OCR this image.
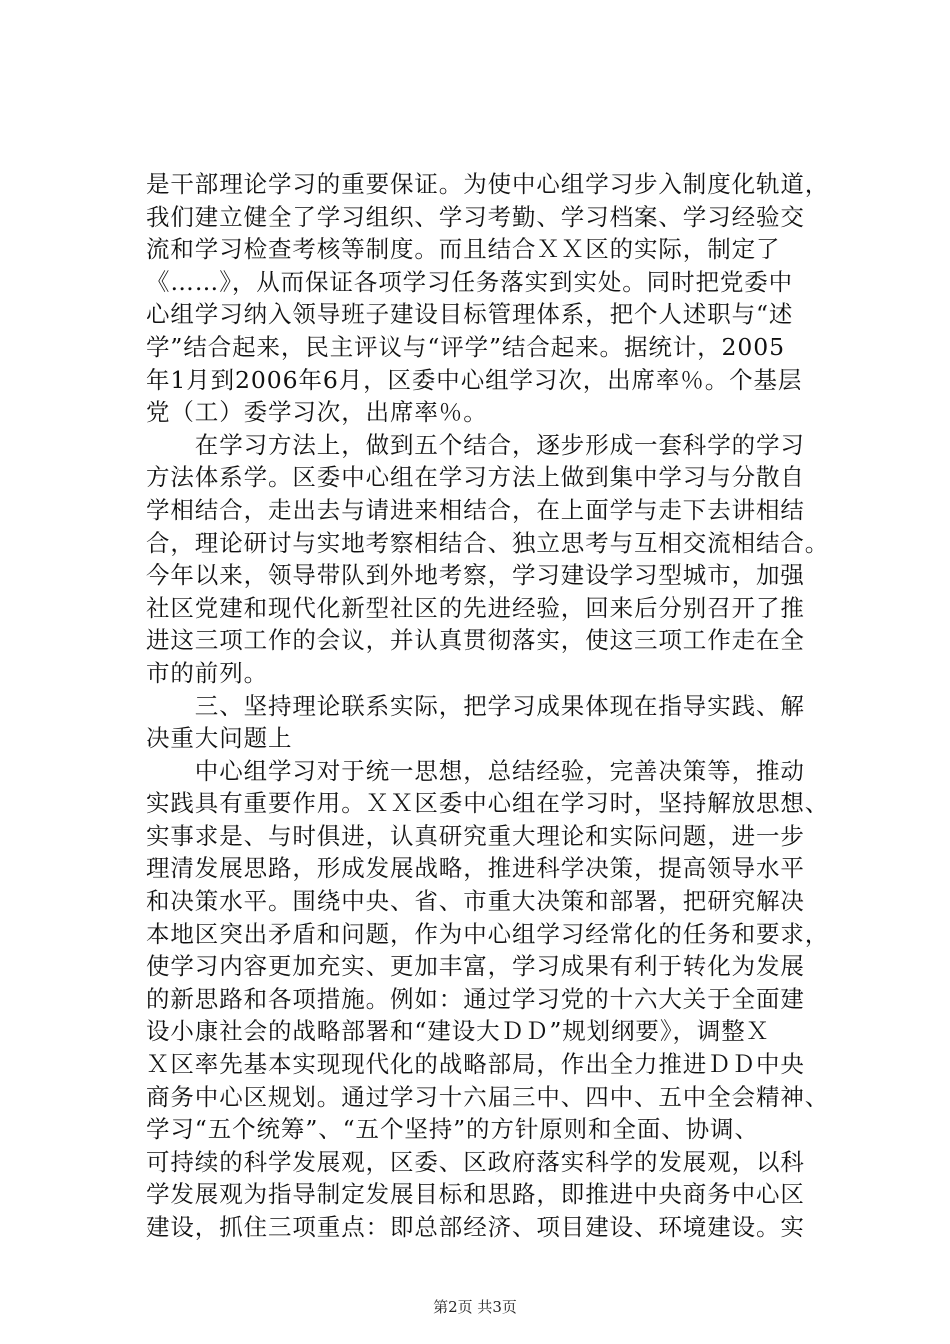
是干部理论学习的重要保证。为使中心组学习步入制度化轨道，
我们建立健全了学习组织、学习考勤、学习档案、学习经验交
流和学习检查考核等制度。而且结合ＸＸ区的实际，制定了
《……》，从而保证各项学习任务落实到实处。同时把党委中
心组学习纳入领导班子建设目标管理体系，把个人述职与“述
学”结合起来，民主评议与“评学”结合起来。据统计，2005
年1月到2006年6月，区委中心组学习次，出席率％。个基层
党（工）委学习次，出席率％。
　　在学习方法上，做到五个结合，逐步形成一套科学的学习
方法体系学。区委中心组在学习方法上做到集中学习与分散自
学相结合，走出去与请进来相结合，在上面学与走下去讲相结
合，理论研讨与实地考察相结合、独立思考与互相交流相结合。
今年以来，领导带队到外地考察，学习建设学习型城市，加强
社区党建和现代化新型社区的先进经验，回来后分别召开了推
进这三项工作的会议，并认真贯彻落实，使这三项工作走在全
市的前列。
　　三、坚持理论联系实际，把学习成果体现在指导实践、解
决重大问题上
　　中心组学习对于统一思想，总结经验，完善决策等，推动
实践具有重要作用。ＸＸ区委中心组在学习时，坚持解放思想、
实事求是、与时俱进，认真研究重大理论和实际问题，进一步
理清发展思路，形成发展战略，推进科学决策，提高领导水平
和决策水平。围绕中央、省、市重大决策和部署，把研究解决
本地区突出矛盾和问题，作为中心组学习经常化的任务和要求，
使学习内容更加充实、更加丰富，学习成果有利于转化为发展
的新思路和各项措施。例如：通过学习党的十六大关于全面建
设小康社会的战略部署和“建设大ＤＤ”规划纲要》，调整Ｘ
Ｘ区率先基本实现现代化的战略部局，作出全力推进ＤＤ中央
商务中心区规划。通过学习十六届三中、四中、五中全会精神、
学习“五个统筹”、“五个坚持”的方针原则和全面、协调、
可持续的科学发展观，区委、区政府落实科学的发展观，以科
学发展观为指导制定发展目标和思路，即推进中央商务中心区
建设，抓住三项重点：即总部经济、项目建设、环境建设。实
第2页 共3页
